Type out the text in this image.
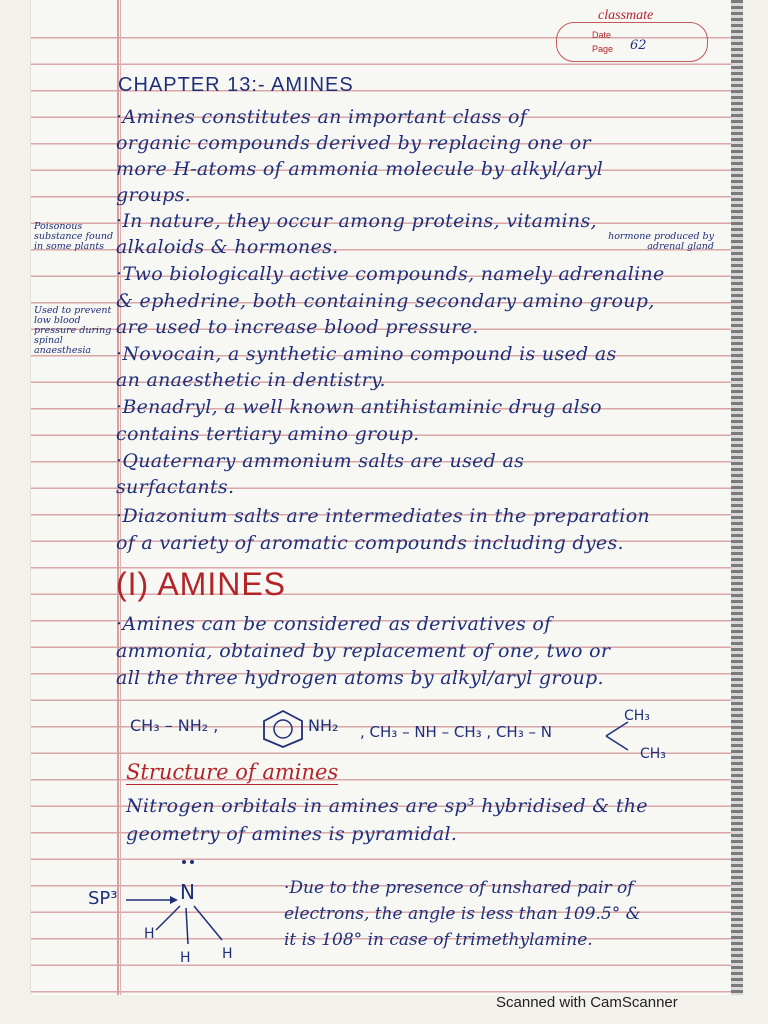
classmate
Date
Page 62
CHAPTER 13:- AMINES
·Amines constitutes an important class of
organic compounds derived by replacing one or
more H-atoms of ammonia molecule by alkyl/aryl
groups.
·In nature, they occur among proteins, vitamins,
alkaloids & hormones.
·Two biologically active compounds, namely adrenaline
& ephedrine, both containing secondary amino group,
are used to increase blood pressure.
·Novocain, a synthetic amino compound is used as
an anaesthetic in dentistry.
·Benadryl, a well known antihistaminic drug also
contains tertiary amino group.
·Quaternary ammonium salts are used as
surfactants.
·Diazonium salts are intermediates in the preparation
of a variety of aromatic compounds including dyes.
Poisonous substance found in some plants
hormone produced by adrenal gland
Used to prevent low blood pressure during spinal anaesthesia
(I) AMINES
·Amines can be considered as derivatives of
ammonia, obtained by replacement of one, two or
all the three hydrogen atoms by alkyl/aryl group.
CH₃ – NH₂ ,	NH₂ , CH₃ – NH – CH₃ , CH₃ – N
CH₃
CH₃
Structure of amines
Nitrogen orbitals in amines are sp³ hybridised & the
geometry of amines is pyramidal.
SP³	N
H
H H
·Due to the presence of unshared pair of
electrons, the angle is less than 109.5° &
it is 108° in case of trimethylamine.
Scanned with CamScanner
